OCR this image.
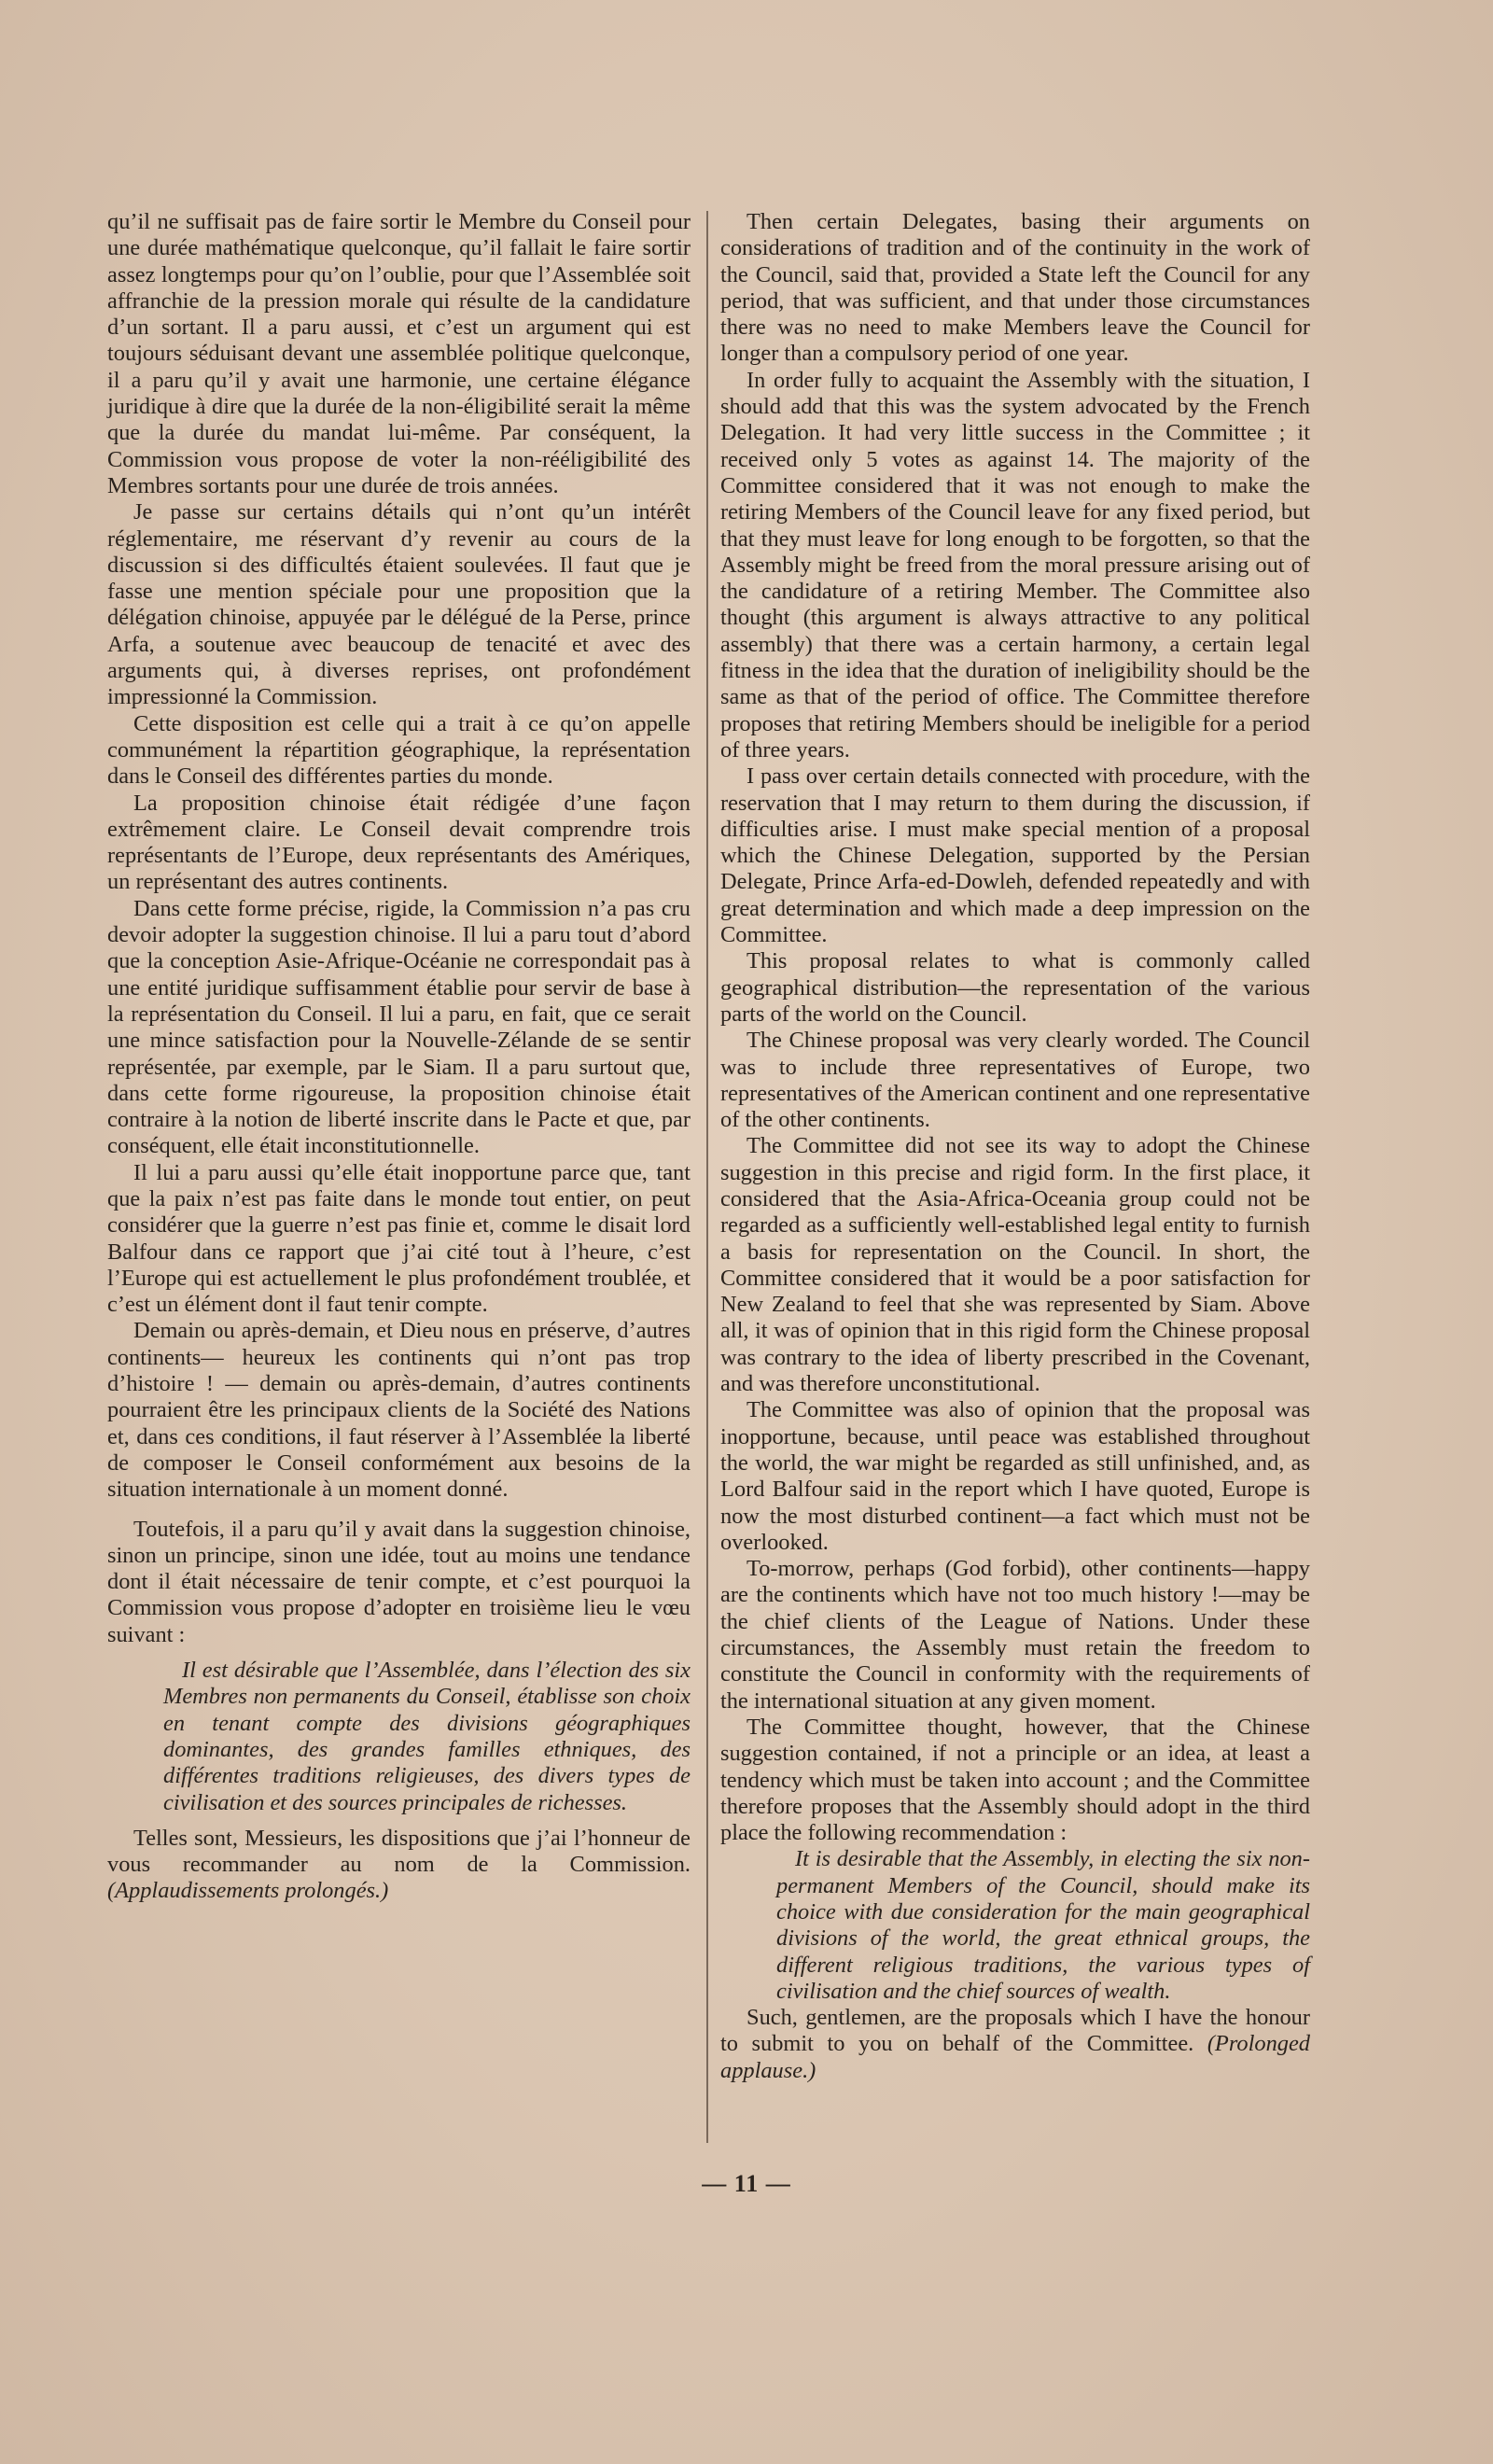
qu’il ne suffisait pas de faire sortir le Membre du Conseil pour une durée mathématique quelconque, qu’il fallait le faire sortir assez longtemps pour qu’on l’oublie, pour que l’Assemblée soit affranchie de la pression morale qui résulte de la candidature d’un sortant. Il a paru aussi, et c’est un argument qui est toujours séduisant devant une assemblée politique quelconque, il a paru qu’il y avait une harmonie, une certaine élégance juridique à dire que la durée de la non-éligibilité serait la même que la durée du mandat lui-même. Par conséquent, la Commission vous propose de voter la non-rééligibilité des Membres sortants pour une durée de trois années.

Je passe sur certains détails qui n’ont qu’un intérêt réglementaire, me réservant d’y revenir au cours de la discussion si des difficultés étaient soulevées. Il faut que je fasse une mention spéciale pour une proposition que la délégation chinoise, appuyée par le délégué de la Perse, prince Arfa, a soutenue avec beaucoup de tenacité et avec des arguments qui, à diverses reprises, ont profondément impressionné la Commission.

Cette disposition est celle qui a trait à ce qu’on appelle communément la répartition géographique, la représentation dans le Conseil des différentes parties du monde.

La proposition chinoise était rédigée d’une façon extrêmement claire. Le Conseil devait comprendre trois représentants de l’Europe, deux représentants des Amériques, un représentant des autres continents.

Dans cette forme précise, rigide, la Commission n’a pas cru devoir adopter la suggestion chinoise. Il lui a paru tout d’abord que la conception Asie-Afrique-Océanie ne correspondait pas à une entité juridique suffisamment établie pour servir de base à la représentation du Conseil. Il lui a paru, en fait, que ce serait une mince satisfaction pour la Nouvelle-Zélande de se sentir représentée, par exemple, par le Siam. Il a paru surtout que, dans cette forme rigoureuse, la proposition chinoise était contraire à la notion de liberté inscrite dans le Pacte et que, par conséquent, elle était inconstitutionnelle.

Il lui a paru aussi qu’elle était inopportune parce que, tant que la paix n’est pas faite dans le monde tout entier, on peut considérer que la guerre n’est pas finie et, comme le disait lord Balfour dans ce rapport que j’ai cité tout à l’heure, c’est l’Europe qui est actuellement le plus profondément troublée, et c’est un élément dont il faut tenir compte.

Demain ou après-demain, et Dieu nous en préserve, d’autres continents— heureux les continents qui n’ont pas trop d’histoire ! — demain ou après-demain, d’autres continents pourraient être les principaux clients de la Société des Nations et, dans ces conditions, il faut réserver à l’Assemblée la liberté de composer le Conseil conformément aux besoins de la situation internationale à un moment donné.

Toutefois, il a paru qu’il y avait dans la suggestion chinoise, sinon un principe, sinon une idée, tout au moins une tendance dont il était nécessaire de tenir compte, et c’est pourquoi la Commission vous propose d’adopter en troisième lieu le vœu suivant :

Il est désirable que l’Assemblée, dans l’élection des six Membres non permanents du Conseil, établisse son choix en tenant compte des divisions géographiques dominantes, des grandes familles ethniques, des différentes traditions religieuses, des divers types de civilisation et des sources principales de richesses.

Telles sont, Messieurs, les dispositions que j’ai l’honneur de vous recommander au nom de la Commission. (Applaudissements prolongés.)

Then certain Delegates, basing their arguments on considerations of tradition and of the continuity in the work of the Council, said that, provided a State left the Council for any period, that was sufficient, and that under those circumstances there was no need to make Members leave the Council for longer than a compulsory period of one year.

In order fully to acquaint the Assembly with the situation, I should add that this was the system advocated by the French Delegation. It had very little success in the Committee ; it received only 5 votes as against 14. The majority of the Committee considered that it was not enough to make the retiring Members of the Council leave for any fixed period, but that they must leave for long enough to be forgotten, so that the Assembly might be freed from the moral pressure arising out of the candidature of a retiring Member. The Committee also thought (this argument is always attractive to any political assembly) that there was a certain harmony, a certain legal fitness in the idea that the duration of ineligibility should be the same as that of the period of office. The Committee therefore proposes that retiring Members should be ineligible for a period of three years.

I pass over certain details connected with procedure, with the reservation that I may return to them during the discussion, if difficulties arise. I must make special mention of a proposal which the Chinese Delegation, supported by the Persian Delegate, Prince Arfa-ed-Dowleh, defended repeatedly and with great determination and which made a deep impression on the Committee.

This proposal relates to what is commonly called geographical distribution—the representation of the various parts of the world on the Council.

The Chinese proposal was very clearly worded. The Council was to include three representatives of Europe, two representatives of the American continent and one representative of the other continents.

The Committee did not see its way to adopt the Chinese suggestion in this precise and rigid form. In the first place, it considered that the Asia-Africa-Oceania group could not be regarded as a sufficiently well-established legal entity to furnish a basis for representation on the Council. In short, the Committee considered that it would be a poor satisfaction for New Zealand to feel that she was represented by Siam. Above all, it was of opinion that in this rigid form the Chinese proposal was contrary to the idea of liberty prescribed in the Covenant, and was therefore unconstitutional.

The Committee was also of opinion that the proposal was inopportune, because, until peace was established throughout the world, the war might be regarded as still unfinished, and, as Lord Balfour said in the report which I have quoted, Europe is now the most disturbed continent—a fact which must not be overlooked.

To-morrow, perhaps (God forbid), other continents—happy are the continents which have not too much history !—may be the chief clients of the League of Nations. Under these circumstances, the Assembly must retain the freedom to constitute the Council in conformity with the requirements of the international situation at any given moment.

The Committee thought, however, that the Chinese suggestion contained, if not a principle or an idea, at least a tendency which must be taken into account ; and the Committee therefore proposes that the Assembly should adopt in the third place the following recommendation :

It is desirable that the Assembly, in electing the six non-permanent Members of the Council, should make its choice with due consideration for the main geographical divisions of the world, the great ethnical groups, the different religious traditions, the various types of civilisation and the chief sources of wealth.

Such, gentlemen, are the proposals which I have the honour to submit to you on behalf of the Committee. (Prolonged applause.)

— 11 —
